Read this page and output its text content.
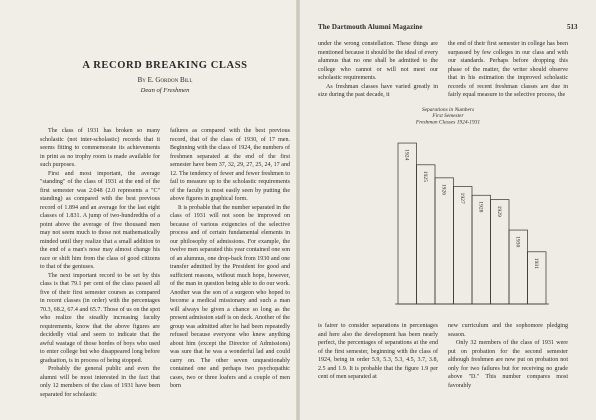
The Dartmouth Alumni Magazine	513
A RECORD BREAKING CLASS
By E. Gordon Bill
Dean of Freshmen

The class of 1931 has broken so many scholastic (not inter-scholastic) records that it seems fitting to commemorate its achievements in print as no trophy room is made available for such purposes.

First and most important, the average "standing" of the class of 1931 at the end of the first semester was 2.048 (2.0 represents a "C" standing) as compared with the best previous record of 1.894 and an average for the last eight classes of 1.831. A jump of two-hundredths of a point above the average of five thousand men may not seem much to those not mathematically minded until they realize that a small addition to the end of a man's nose may almost change his race or shift him from the class of good citizens to that of the geniuses.

The next important record to be set by this class is that 79.1 per cent of the class passed all five of their first semester courses as compared in recent classes (in order) with the percentages 70.3, 68.2, 67.4 and 65.7. Those of us on the spot who realize the steadily increasing faculty requirements, know that the above figures are decidedly vital and seem to indicate that the awful wastage of those hordes of boys who used to enter college but who disappeared long before graduation, is in process of being stopped.

Probably the general public and even the alumni will be most interested in the fact that only 12 members of the class of 1931 have been separated for scholastic

failures as compared with the best previous record, that of the class of 1930, of 17 men. Beginning with the class of 1924, the numbers of freshmen separated at the end of the first semester have been 37, 32, 29, 27, 25, 24, 17 and 12. The tendency of fewer and fewer freshmen to fail to measure up to the scholastic requirements of the faculty is most easily seen by putting the above figures in graphical form.

It is probable that the number separated in the class of 1931 will not soon be improved on because of various exigencies of the selective process and of certain fundamental elements in our philosophy of admissions. For example, the twelve men separated this year contained one son of an alumnus, one drop-back from 1930 and one transfer admitted by the President for good and sufficient reasons, without much hope, however, of the man in question being able to do our work. Another was the son of a surgeon who hoped to become a medical missionary and such a man will always be given a chance so long as the present admission staff is on deck. Another of the group was admitted after he had been repeatedly refused because everyone who knew anything about him (except the Director of Admissions) was sure that he was a wonderful lad and could carry on. The other seven unquestionably contained one and perhaps two psychopathic cases, two or three loafers and a couple of men born

under the wrong constellation. These things are mentioned because it should be the ideal of every alumnus that no one shall be admitted to the college who cannot or will not meet our scholastic requirements.

As freshman classes have varied greatly in size during the past decade, it

the end of their first semester in college has been surpassed by few colleges in our class and with our standards. Perhaps before dropping this phase of the matter, the writer should observe that in his estimation the improved scholastic records of recent freshman classes are due in fairly equal measure to the selective process, the

Separations in Numbers First Semester Freshman Classes 1924-1931
1924
1925
1926
1927
1928 1929
1930
1931

is fairer to consider separations in percentages and here also the development has been nearly perfect, the percentages of separations at the end of the first semester, beginning with the class of 1924, being in order 5.9, 5.3, 5.3, 4.5, 3.7, 3.8, 2.5 and 1.9. It is probable that the figure 1.9 per cent of men separated at

new curriculum and the sophomore pledging season.

Only 32 members of the class of 1931 were put on probation for the second semester although freshmen are now put on probation not only for two failures but for receiving no grade above "D." This number compares most favorably
